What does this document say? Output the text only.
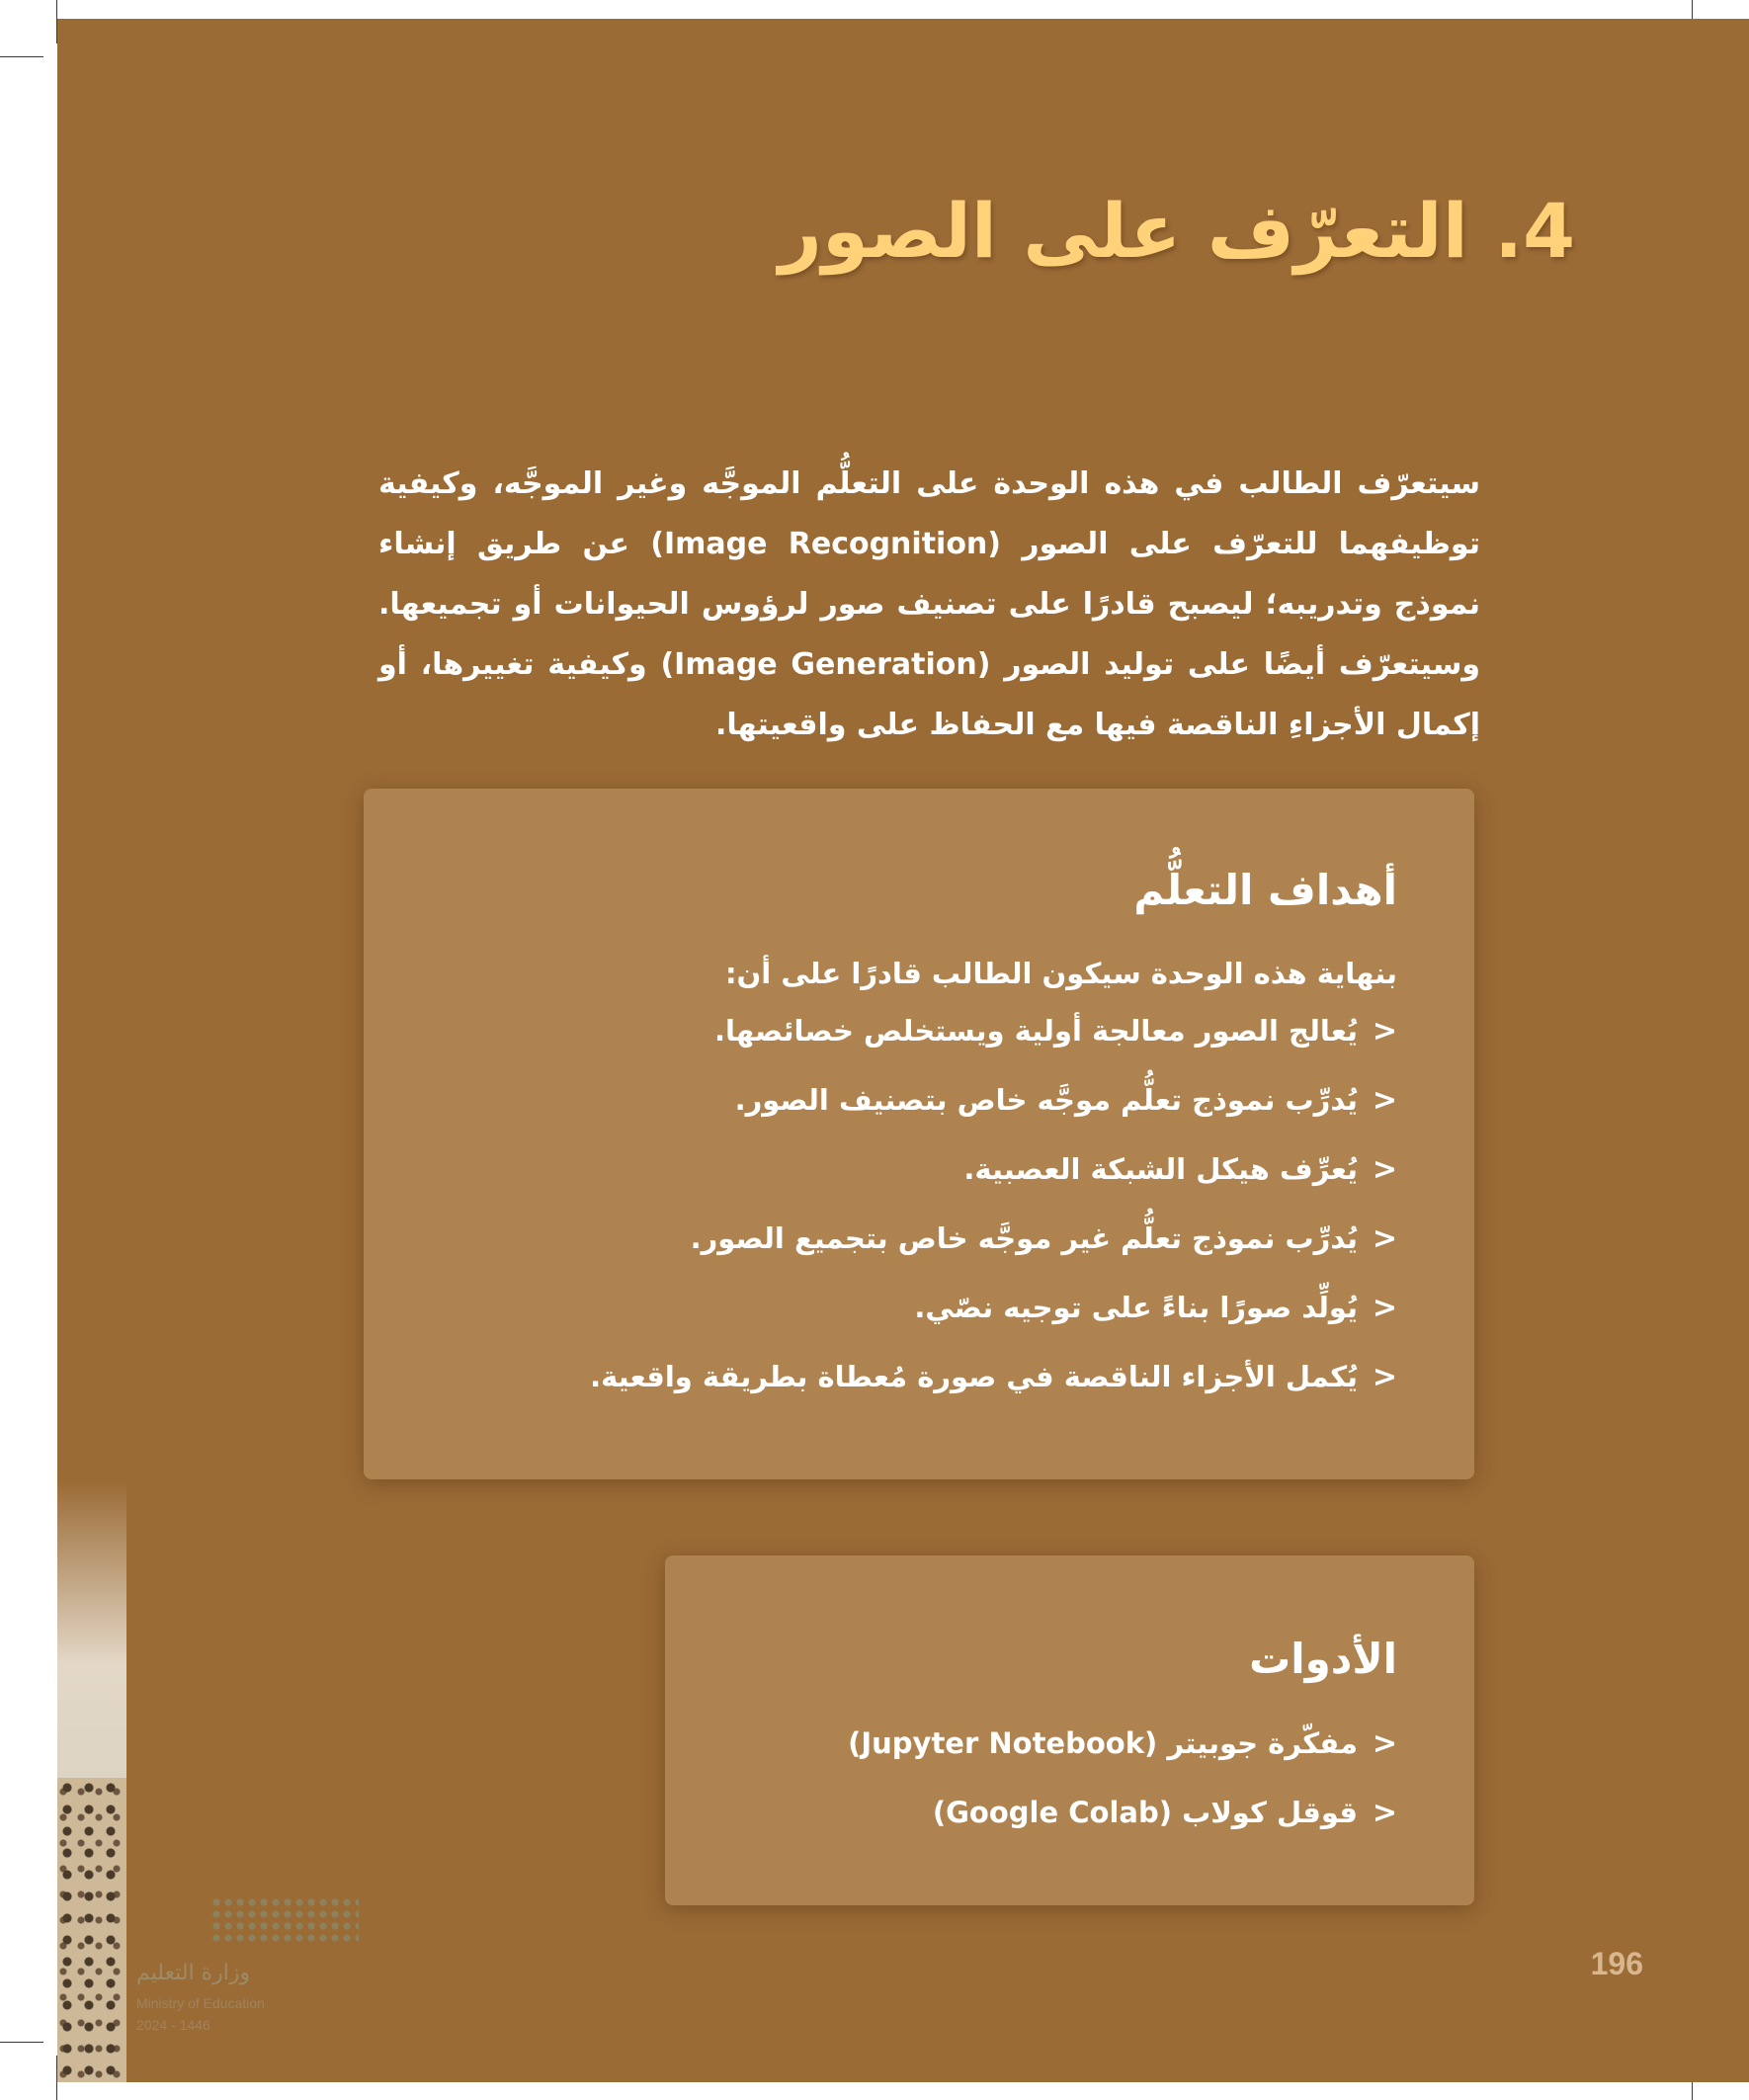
4. التعرّف على الصور
سيتعرّف الطالب في هذه الوحدة على التعلُّم الموجَّه وغير الموجَّه، وكيفية توظيفهما للتعرّف على الصور (Image Recognition) عن طريق إنشاء نموذج وتدريبه؛ ليصبح قادرًا على تصنيف صور لرؤوس الحيوانات أو تجميعها. وسيتعرّف أيضًا على توليد الصور (Image Generation) وكيفية تغييرها، أو إكمال الأجزاءِ الناقصة فيها مع الحفاظ على واقعيتها.
أهداف التعلُّم
بنهاية هذه الوحدة سيكون الطالب قادرًا على أن:
<
يُعالج الصور معالجة أولية ويستخلص خصائصها.
<
يُدرِّب نموذج تعلُّم موجَّه خاص بتصنيف الصور.
<
يُعرِّف هيكل الشبكة العصبية.
<
يُدرِّب نموذج تعلُّم غير موجَّه خاص بتجميع الصور.
<
يُولِّد صورًا بناءً على توجيه نصّي.
<
يُكمل الأجزاء الناقصة في صورة مُعطاة بطريقة واقعية.
الأدوات
<
مفكّرة جوبيتر (Jupyter Notebook)
<
قوقل كولاب (Google Colab)
وزارة التعليم
Ministry of Education
2024 - 1446
196
